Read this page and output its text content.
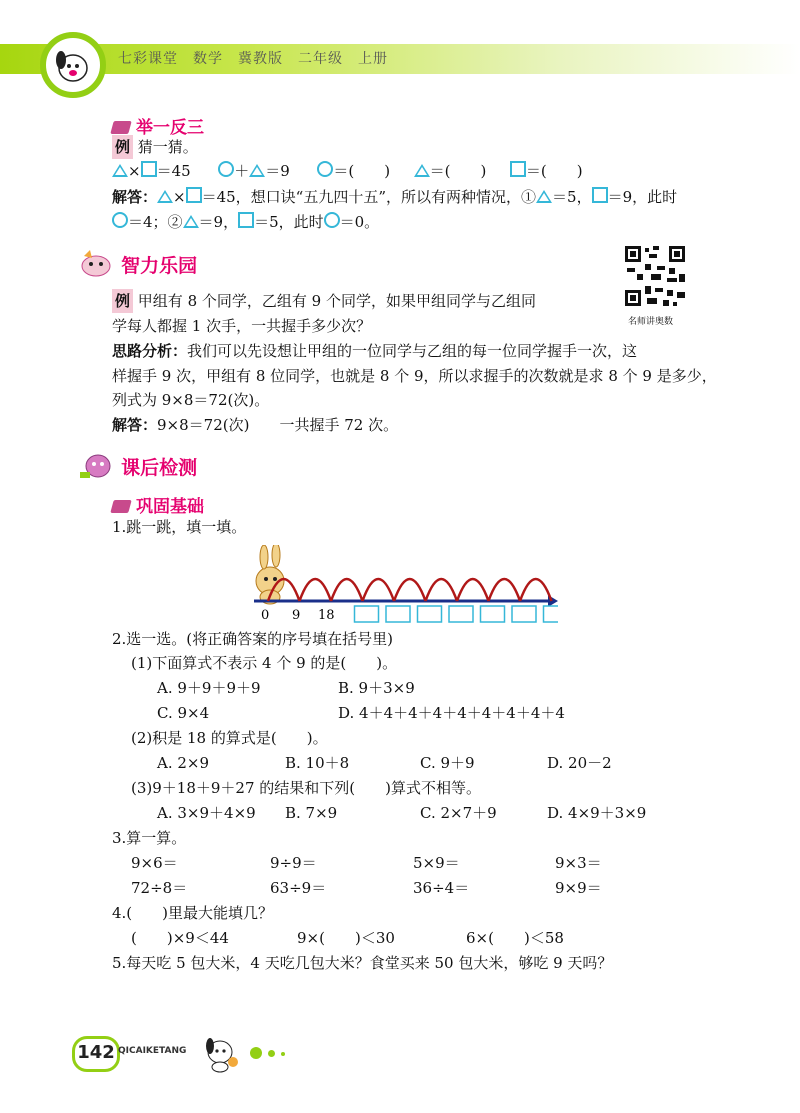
七彩课堂　数学　冀教版　二年级　上册
举一反三
例 猜一猜。
× ＝45	＋ ＝9	＝(　　)	＝(　　)	＝(　　)
解答： × ＝45，想口诀“五九四十五”，所以有两种情况，① ＝5， ＝9，此时
＝4；② ＝9， ＝5，此时 ＝0。
智力乐园
名师讲奥数
例 甲组有 8 个同学，乙组有 9 个同学，如果甲组同学与乙组同
学每人都握 1 次手，一共握手多少次？
思路分析：我们可以先设想让甲组的一位同学与乙组的每一位同学握手一次，这
样握手 9 次，甲组有 8 位同学，也就是 8 个 9，所以求握手的次数就是求 8 个 9 是多少，
列式为 9×8＝72(次)。
解答：9×8＝72(次)　　一共握手 72 次。
课后检测
巩固基础
1.跳一跳，填一填。
0 9 18
2.选一选。(将正确答案的序号填在括号里)
(1)下面算式不表示 4 个 9 的是(　　)。
A. 9＋9＋9＋9	B. 9＋3×9
C. 9×4	D. 4＋4＋4＋4＋4＋4＋4＋4＋4
(2)积是 18 的算式是(　　)。
A. 2×9	B. 10＋8	C. 9＋9	D. 20－2
(3)9＋18＋9＋27 的结果和下列(　　)算式不相等。
A. 3×9＋4×9 B. 7×9	C. 2×7＋9	D. 4×9＋3×9
3.算一算。
9×6＝	9÷9＝	5×9＝	9×3＝
72÷8＝	63÷9＝	36÷4＝	9×9＝
4.(　　)里最大能填几？
(　　)×9＜44	9×(　　)＜30	6×(　　)＜58
5.每天吃 5 包大米，4 天吃几包大米？食堂买来 50 包大米，够吃 9 天吗？
142 QICAIKETANG
